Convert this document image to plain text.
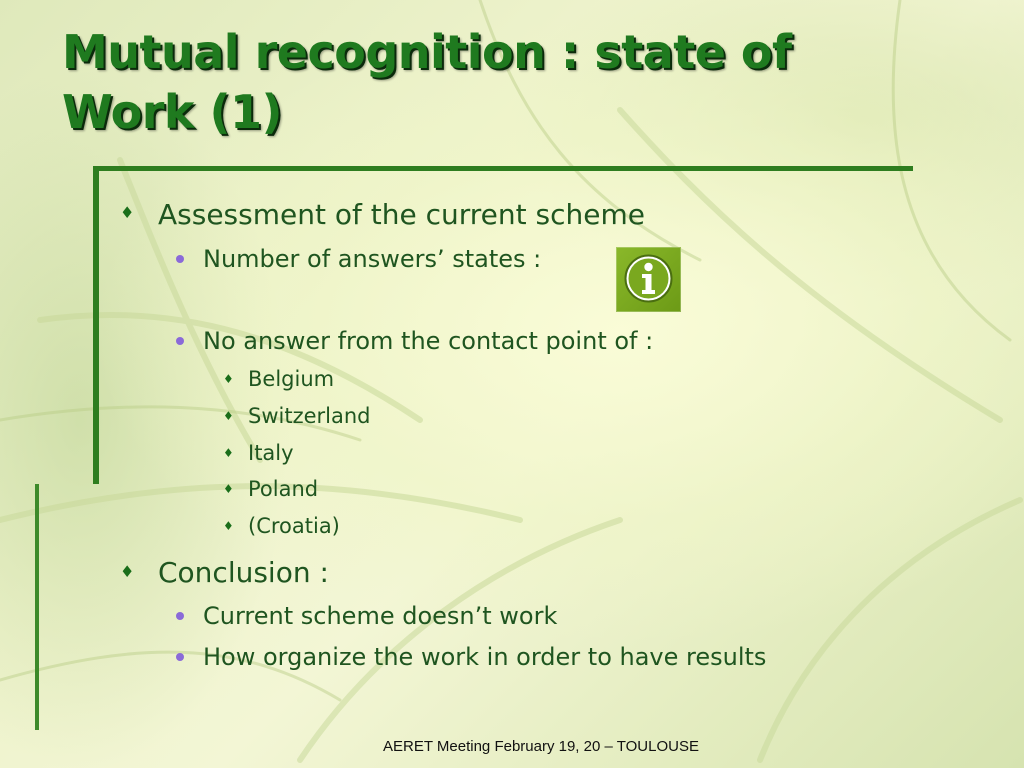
Mutual recognition : state of
Work (1)
♦ Assessment of the current scheme
Number of answers’ states :
No answer from the contact point of :
♦ Belgium
♦ Switzerland
♦ Italy
♦ Poland
♦ (Croatia)
♦ Conclusion :
Current scheme doesn’t work
How organize the work in order to have results
AERET Meeting February 19, 20 – TOULOUSE
